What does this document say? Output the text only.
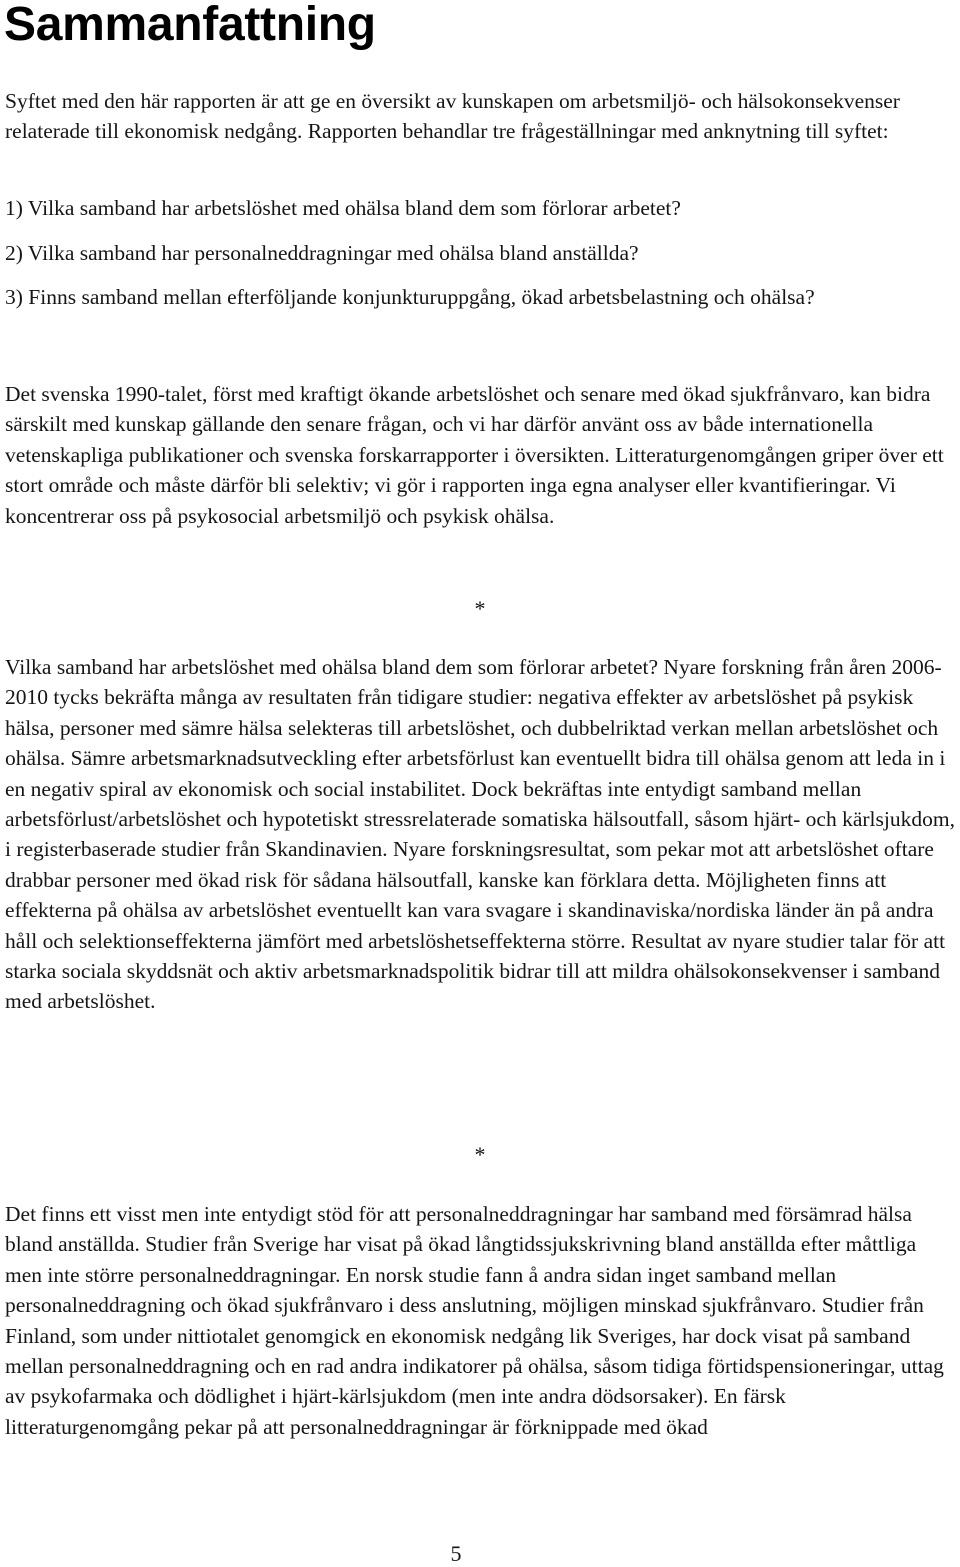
Sammanfattning

Syftet med den här rapporten är att ge en översikt av kunskapen om arbetsmiljö- och hälsokonsekvenser relaterade till ekonomisk nedgång. Rapporten behandlar tre frågeställningar med anknytning till syftet:

1) Vilka samband har arbetslöshet med ohälsa bland dem som förlorar arbetet?

2) Vilka samband har personalneddragningar med ohälsa bland anställda?

3) Finns samband mellan efterföljande konjunkturuppgång, ökad arbetsbelastning och ohälsa?

Det svenska 1990-talet, först med kraftigt ökande arbetslöshet och senare med ökad sjukfrånvaro, kan bidra särskilt med kunskap gällande den senare frågan, och vi har därför använt oss av både internationella vetenskapliga publikationer och svenska forskarrapporter i översikten. Litteraturgenomgången griper över ett stort område och måste därför bli selektiv; vi gör i rapporten inga egna analyser eller kvantifieringar. Vi koncentrerar oss på psykosocial arbetsmiljö och psykisk ohälsa.

*

Vilka samband har arbetslöshet med ohälsa bland dem som förlorar arbetet? Nyare forskning från åren 2006-2010 tycks bekräfta många av resultaten från tidigare studier: negativa effekter av arbetslöshet på psykisk hälsa, personer med sämre hälsa selekteras till arbetslöshet, och dubbelriktad verkan mellan arbetslöshet och ohälsa. Sämre arbetsmarknadsutveckling efter arbetsförlust kan eventuellt bidra till ohälsa genom att leda in i en negativ spiral av ekonomisk och social instabilitet. Dock bekräftas inte entydigt samband mellan arbetsförlust/arbetslöshet och hypotetiskt stressrelaterade somatiska hälsoutfall, såsom hjärt- och kärlsjukdom, i registerbaserade studier från Skandinavien. Nyare forskningsresultat, som pekar mot att arbetslöshet oftare drabbar personer med ökad risk för sådana hälsoutfall, kanske kan förklara detta. Möjligheten finns att effekterna på ohälsa av arbetslöshet eventuellt kan vara svagare i skandinaviska/nordiska länder än på andra håll och selektionseffekterna jämfört med arbetslöshetseffekterna större. Resultat av nyare studier talar för att starka sociala skyddsnät och aktiv arbetsmarknadspolitik bidrar till att mildra ohälsokonsekvenser i samband med arbetslöshet.

*

Det finns ett visst men inte entydigt stöd för att personalneddragningar har samband med försämrad hälsa bland anställda. Studier från Sverige har visat på ökad långtidssjukskrivning bland anställda efter måttliga men inte större personalneddragningar. En norsk studie fann å andra sidan inget samband mellan personalneddragning och ökad sjukfrånvaro i dess anslutning, möjligen minskad sjukfrånvaro. Studier från Finland, som under nittiotalet genomgick en ekonomisk nedgång lik Sveriges, har dock visat på samband mellan personalneddragning och en rad andra indikatorer på ohälsa, såsom tidiga förtidspensioneringar, uttag av psykofarmaka och dödlighet i hjärt-kärlsjukdom (men inte andra dödsorsaker). En färsk litteraturgenomgång pekar på att personalneddragningar är förknippade med ökad

5
